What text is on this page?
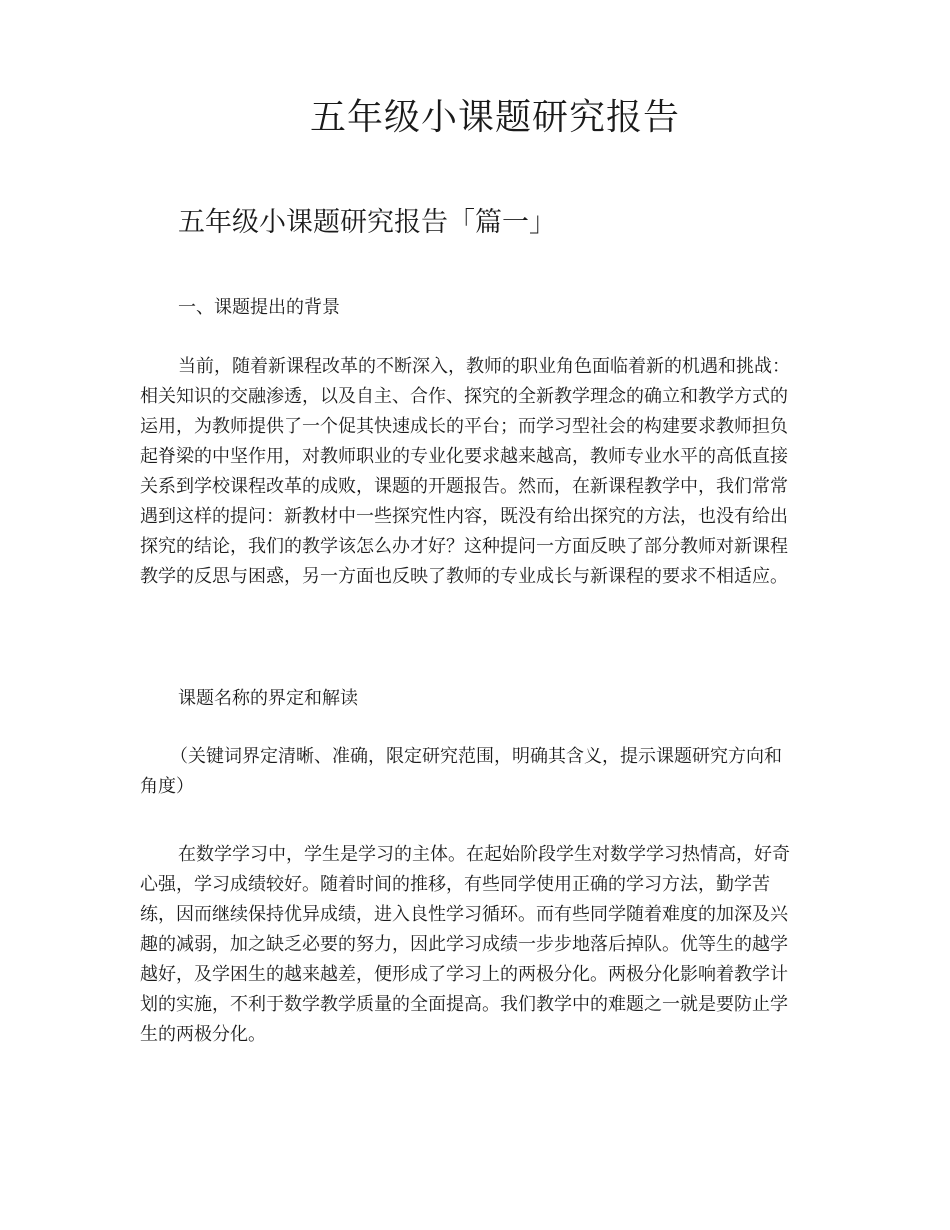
五年级小课题研究报告
五年级小课题研究报告「篇一」
一、课题提出的背景
当前，随着新课程改革的不断深入，教师的职业角色面临着新的机遇和挑战：
相关知识的交融渗透，以及自主、合作、探究的全新教学理念的确立和教学方式的
运用，为教师提供了一个促其快速成长的平台；而学习型社会的构建要求教师担负
起脊梁的中坚作用，对教师职业的专业化要求越来越高，教师专业水平的高低直接
关系到学校课程改革的成败，课题的开题报告。然而，在新课程教学中，我们常常
遇到这样的提问：新教材中一些探究性内容，既没有给出探究的方法，也没有给出
探究的结论，我们的教学该怎么办才好？这种提问一方面反映了部分教师对新课程
教学的反思与困惑，另一方面也反映了教师的专业成长与新课程的要求不相适应。
课题名称的界定和解读
（关键词界定清晰、准确，限定研究范围，明确其含义，提示课题研究方向和
角度）
在数学学习中，学生是学习的主体。在起始阶段学生对数学学习热情高，好奇
心强，学习成绩较好。随着时间的推移，有些同学使用正确的学习方法，勤学苦
练，因而继续保持优异成绩，进入良性学习循环。而有些同学随着难度的加深及兴
趣的减弱，加之缺乏必要的努力，因此学习成绩一步步地落后掉队。优等生的越学
越好，及学困生的越来越差，便形成了学习上的两极分化。两极分化影响着教学计
划的实施，不利于数学教学质量的全面提高。我们教学中的难题之一就是要防止学
生的两极分化。
